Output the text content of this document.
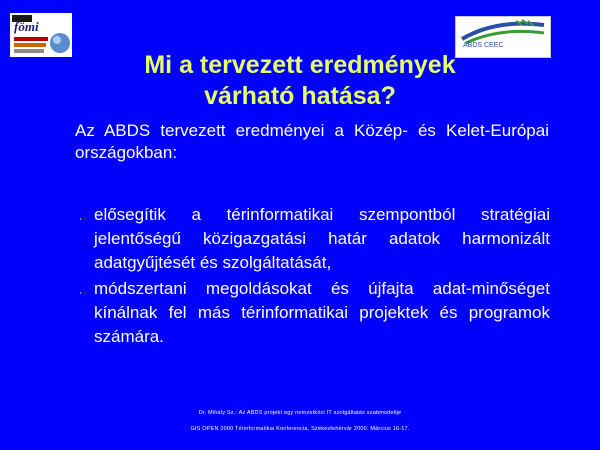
fömi
ABDS CEEC
Mi a tervezett eredmények
várható hatása?
Az ABDS tervezett eredményei a Közép- és Kelet-Európai országokban:
elősegítik a térinformatikai szempontból stratégiai jelentőségű közigazgatási határ adatok harmonizált adatgyűjtését és szolgáltatását,
módszertani megoldásokat és újfajta adat-minőséget kínálnak fel más térinformatikai projektek és programok számára.
Dr. Mihály Sz.: Az ABDS projekt egy nemzetközi IT szolgáltatás szabmodellje
GIS OPEN 2000 Térinformatikai Konferencia, Székesfehérvár 2000. Március 16-17.
